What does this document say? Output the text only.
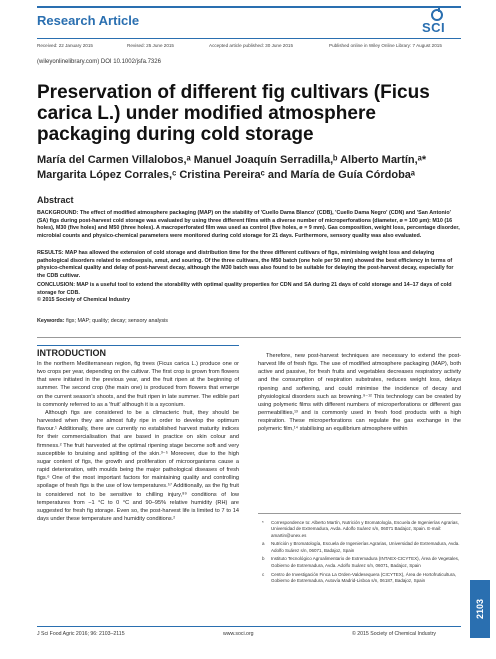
Research Article	SCI
Received: 22 January 2015	Revised: 25 June 2015	Accepted article published: 30 June 2015	Published online in Wiley Online Library: 7 August 2015
(wileyonlinelibrary.com) DOI 10.1002/jsfa.7326
Preservation of different fig cultivars (Ficus carica L.) under modified atmosphere packaging during cold storage
María del Carmen Villalobos,ᵃ Manuel Joaquín Serradilla,ᵇ Alberto Martín,ᵃ* Margarita López Corrales,ᶜ Cristina Pereiraᶜ and María de Guía Córdobaᵃ
Abstract
BACKGROUND: The effect of modified atmosphere packaging (MAP) on the stability of 'Cuello Dama Blanco' (CDB), 'Cuello Dama Negro' (CDN) and 'San Antonio' (SA) figs during post-harvest cold storage was evaluated by using three different films with a diverse number of microperforations (diameter, ø = 100 µm): M10 (16 holes), M30 (five holes) and M50 (three holes). A macroperforated film was used as control (five holes, ø = 9 mm). Gas composition, weight loss, percentage disorder, microbial counts and physico-chemical parameters were monitored during cold storage for 21 days. Furthermore, sensory quality was also evaluated.
RESULTS: MAP has allowed the extension of cold storage and distribution time for the three different cultivars of figs, minimising weight loss and delaying pathological disorders related to endosepsis, smut, and souring. Of the three cultivars, the M50 batch (one hole per 50 mm) showed the best efficiency in terms of physico-chemical quality and delay of post-harvest decay, although the M30 batch was also found to be suitable for delaying the post-harvest decay, especially for the CDB cultivar.
CONCLUSION: MAP is a useful tool to extend the storability with optimal quality properties for CDN and SA during 21 days of cold storage and 14–17 days of cold storage for CDB.
© 2015 Society of Chemical Industry
Keywords: figs; MAP; quality; decay; sensory analysis
INTRODUCTION

In the northern Mediterranean region, fig trees (Ficus carica L.) produce one or two crops per year, depending on the cultivar. The first crop is grown from flowers that were initiated in the previous year, and the fruit ripen at the beginning of summer. The second crop (the main one) is produced from flowers that emerge on the current season's shoots, and the fruit ripen in late summer. The edible part is commonly referred to as a 'fruit' although it is a syconium.

Although figs are considered to be a climacteric fruit, they should be harvested when they are almost fully ripe in order to develop the optimum flavour.¹ Additionally, there are currently no established harvest maturity indices for their commercialisation that are based in practice on skin colour and firmness.² The fruit harvested at the optimal ripening stage become soft and very susceptible to bruising and splitting of the skin.³⁻⁵ Moreover, due to the high sugar content of figs, the growth and proliferation of microorganisms cause a rapid deterioration, with moulds being the major pathological diseases of fresh figs.⁶ One of the most important factors for maintaining quality and controlling spoilage of fresh figs is the use of low temperatures.⁵⁷ Additionally, as the fig fruit is considered not to be sensitive to chilling injury,⁸⁹ conditions of low temperatures from −1 °C to 0 °C and 90–95% relative humidity (RH) are suggested for fresh fig storage. Even so, the post-harvest life is limited to 7 to 14 days under these temperature and humidity conditions.²

Therefore, new post-harvest techniques are necessary to extend the post-harvest life of fresh figs. The use of modified atmosphere packaging (MAP), both active and passive, for fresh fruits and vegetables decreases respiratory activity and the consumption of respiration substrates, reduces weight loss, delays ripening and softening, and could minimise the incidence of decay and physiological disorders such as browning.⁹⁻¹² This technology can be created by using polymeric films with different numbers of microperforations or different gas permeabilities,¹³ and is commonly used in fresh food products with a high respiration. These microperforations can regulate the gas exchange in the polymeric film,¹⁴ stabilising an equilibrium atmosphere within

* Correspondence to: Alberto Martín, Nutrición y Bromatología, Escuela de Ingenierías Agrarias, Universidad de Extremadura, Avda. Adolfo Suárez s/n, 06071 Badajoz, Spain. E-mail: amartin@unex.es
a Nutrición y Bromatología, Escuela de Ingenierías Agrarias, Universidad de Extremadura, Avda. Adolfo Suárez s/n, 06071, Badajoz, Spain
b Instituto Tecnológico Agroalimentario de Extremadura (INTAEX-CICYTEX), Área de Vegetales, Gobierno de Extremadura, Avda. Adolfo Suárez s/n, 06071, Badajoz, Spain
c Centro de Investigación Finca La Orden-Valdesequera (CICYTEX), Área de Hortofruticultura, Gobierno de Extremadura, Autovía Madrid-Lisboa s/n, 06187, Badajoz, Spain
J Sci Food Agric 2016; 96: 2103–2115	www.soci.org	© 2015 Society of Chemical Industry
2103
